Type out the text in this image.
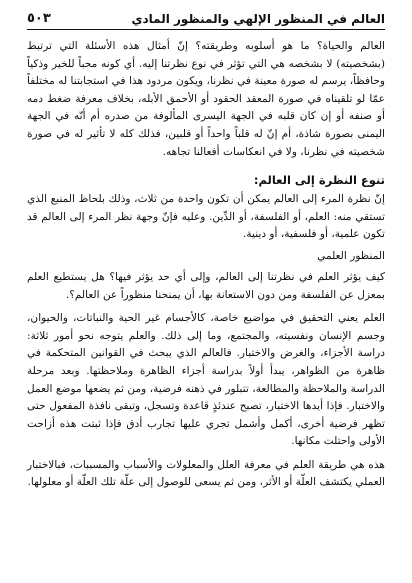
العالم في المنظور الإلهي والمنظور المادي
٥٠٣

العالم والحياة؟ ما هو أسلوبه وطريقته؟ إنّ أمثال هذه الأسئلة التي ترتبط (بشخصيته) لا بشخصه هي التي تؤثر في نوع نظرتنا إليه. أي كونه محباً للخير وذكياً وحافظاً، يرسم له صورة معينة في نظرنا، ويكون مردود هذا في استجابتنا له مختلفاً عمّا لو تلقيناه في صورة المعقد الحقود أو الأحمق الأبله، بخلاف معرفة ضغط دمه أو صنفه أو إن كان قلبه في الجهة اليسرى المألوفة من صدره أم أنّه في الجهة اليمنى بصورة شاذة، أم إنّ له قلباً واحداً أو قلبين، فذلك كله لا تأثير له في صورة شخصيته في نظرنا، ولا في انعكاسات أفعالنا تجاهه.

تنوع النظرة إلى العالم:

إنّ نظرة المرء إلى العالم يمكن أن تكون واحدة من ثلاث، وذلك بلحاظ المنبع الذي تستقي منه: العلم، أو الفلسفة، أو الدِّين. وعليه فإنّ وجهة نظر المرء إلى العالم قد تكون علمية، أو فلسفية، أو دينية.

المنظور العلمي

كيف يؤثر العلم في نظرتنا إلى العالم، وإلى أي حد يؤثر فيها؟ هل يستطيع العلم بمعزل عن الفلسفة ومن دون الاستعانة بها، أن يمنحنا منظوراً عن العالم؟.

العلم يعني التحقيق في مواضيع خاصة، كالأجسام غير الحية والنباتات، والحيوان، وجسم الإنسان ونفسيته، والمجتمع، وما إلى ذلك. والعلم يتوجه نحو أمور ثلاثة: دراسة الأجزاء، والغرض والاختبار. فالعالم الذي يبحث في القوانين المتحكمة في ظاهرة من الظواهر، يبدأ أولاً بدراسة أجزاء الظاهرة وملاحظتها. وبعد مرحلة الدراسة والملاحظة والمطالعة، تتبلور في ذهنه فرضية، ومن ثم يضعها موضع العمل والاختبار. فإذا أيدها الاختبار، تصبح عندئذٍ قاعدة وتسجل، وتبقى نافذة المفعول حتى تظهر فرضية أخرى، أكمل وأشمل تجري عليها تجارب أدق فإذا ثبتت هذه أزاحت الأولى واحتلت مكانها.

هذه هي طريقة العلم في معرفة العلل والمعلولات والأسباب والمسببات، فبالاختبار العملي يكتشف العلّة أو الأثر، ومن ثم يسعى للوصول إلى علّة تلك العلّة أو معلولها.
